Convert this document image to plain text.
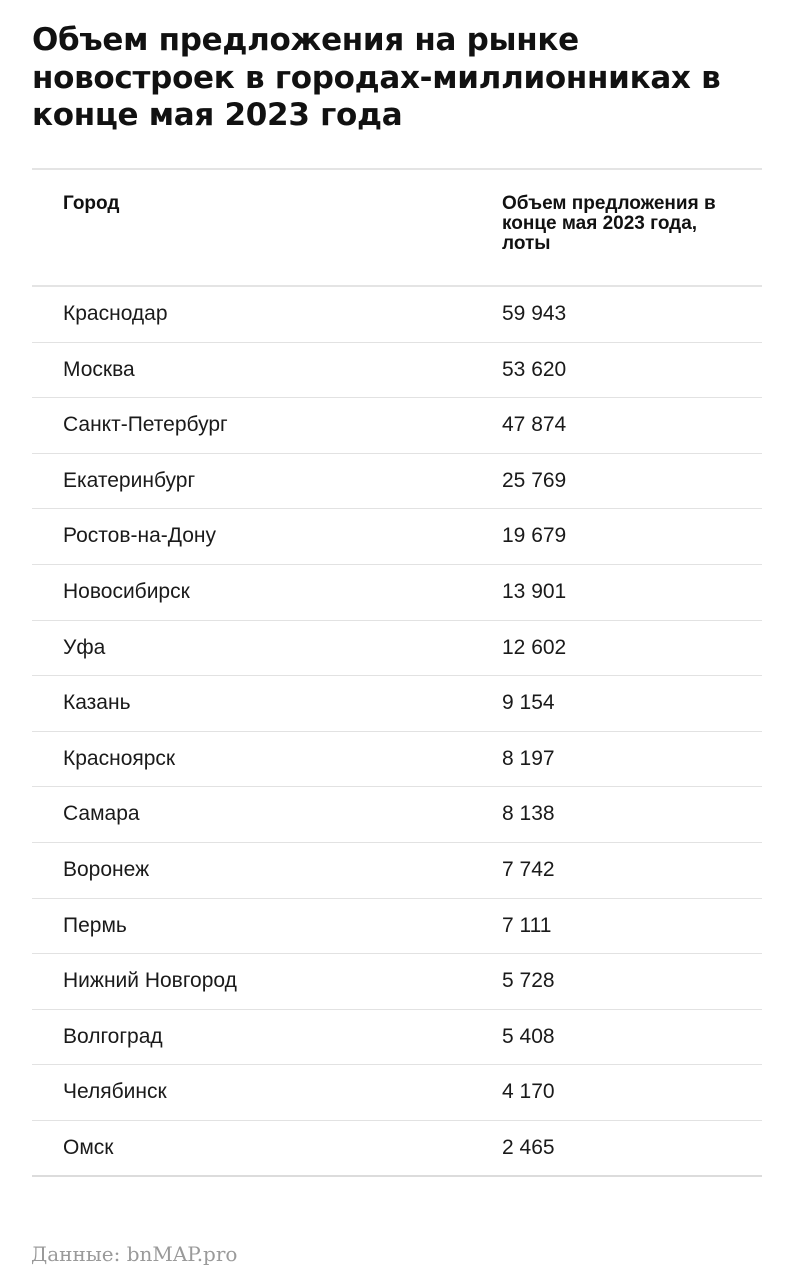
Объем предложения на рынке новостроек в городах-миллионниках в конце мая 2023 года
Город	Объем предложения в конце мая 2023 года, лоты
Краснодар	59 943
Москва	53 620
Санкт-Петербург	47 874
Екатеринбург	25 769
Ростов-на-Дону	19 679
Новосибирск	13 901
Уфа	12 602
Казань	9 154
Красноярск	8 197
Самара	8 138
Воронеж	7 742
Пермь	7 111
Нижний Новгород	5 728
Волгоград	5 408
Челябинск	4 170
Омск	2 465
Данные: bnMAP.pro
